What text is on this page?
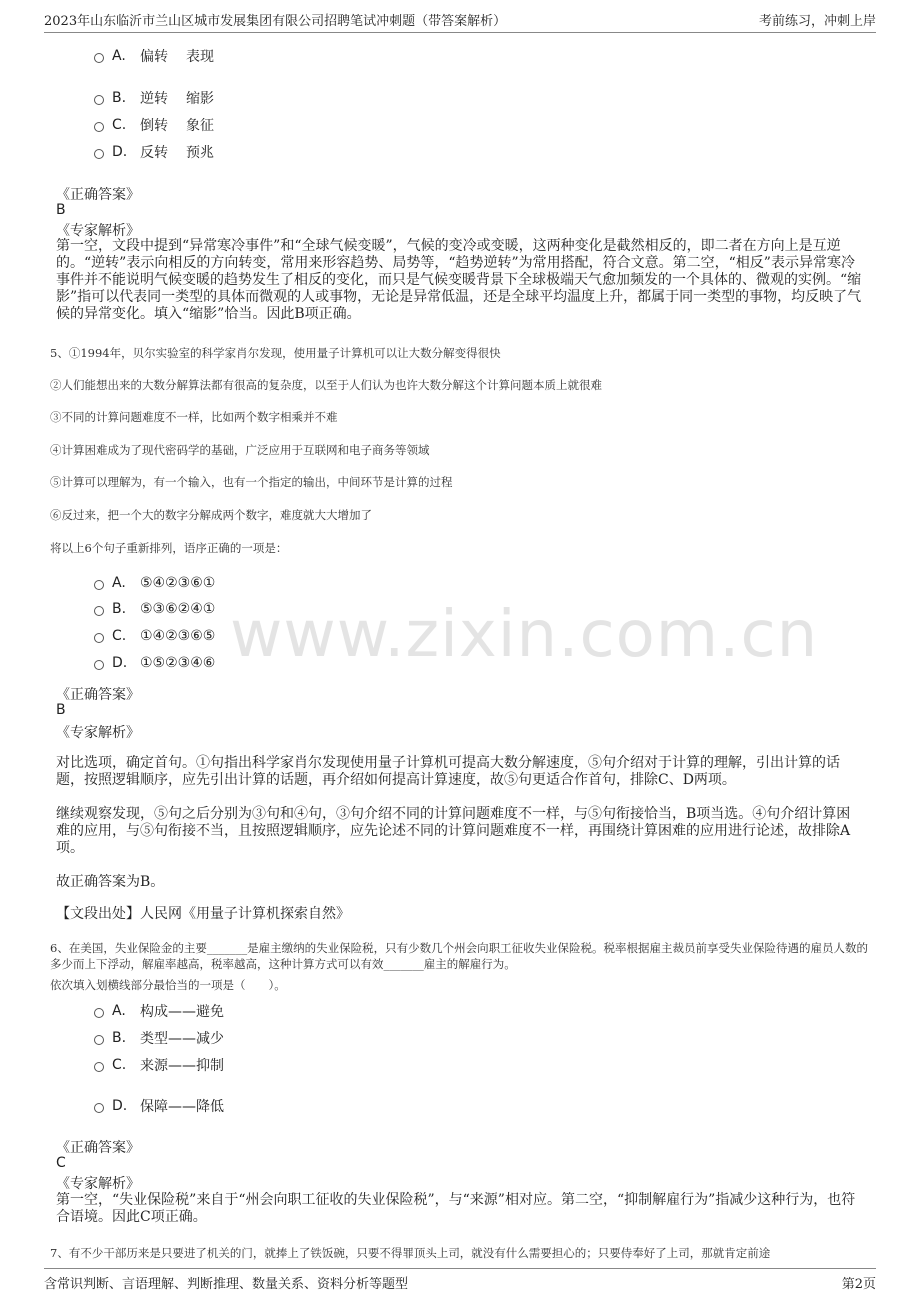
2023年山东临沂市兰山区城市发展集团有限公司招聘笔试冲刺题（带答案解析）	考前练习，冲刺上岸
www.zixin.com.cn
A.	偏转 表现
B. 逆转 缩影
C. 倒转 象征
D. 反转 预兆
《正确答案》
B
《专家解析》

第一空，文段中提到“异常寒冷事件”和“全球气候变暖”，气候的变冷或变暖，这两种变化是截然相反的，即二者在方向上是互逆的。“逆转”表示向相反的方向转变，常用来形容趋势、局势等，“趋势逆转”为常用搭配，符合文意。第二空，“相反”表示异常寒冷事件并不能说明气候变暖的趋势发生了相反的变化，而只是气候变暖背景下全球极端天气愈加频发的一个具体的、微观的实例。“缩影”指可以代表同一类型的具体而微观的人或事物，无论是异常低温，还是全球平均温度上升，都属于同一类型的事物，均反映了气候的异常变化。填入“缩影”恰当。因此B项正确。

5、①1994年，贝尔实验室的科学家肖尔发现，使用量子计算机可以让大数分解变得很快

②人们能想出来的大数分解算法都有很高的复杂度，以至于人们认为也许大数分解这个计算问题本质上就很难

③不同的计算问题难度不一样，比如两个数字相乘并不难

④计算困难成为了现代密码学的基础，广泛应用于互联网和电子商务等领域

⑤计算可以理解为，有一个输入，也有一个指定的输出，中间环节是计算的过程

⑥反过来，把一个大的数字分解成两个数字，难度就大大增加了

将以上6个句子重新排列，语序正确的一项是：

A.	⑤④②③⑥①
B. ⑤③⑥②④①
C. ①④②③⑥⑤
D. ①⑤②③④⑥
《正确答案》
B
《专家解析》

对比选项，确定首句。①句指出科学家肖尔发现使用量子计算机可提高大数分解速度，⑤句介绍对于计算的理解，引出计算的话题，按照逻辑顺序，应先引出计算的话题，再介绍如何提高计算速度，故⑤句更适合作首句，排除C、D两项。

继续观察发现，⑤句之后分别为③句和④句，③句介绍不同的计算问题难度不一样，与⑤句衔接恰当，B项当选。④句介绍计算困难的应用，与⑤句衔接不当，且按照逻辑顺序，应先论述不同的计算问题难度不一样，再围绕计算困难的应用进行论述，故排除A项。

故正确答案为B。

【文段出处】人民网《用量子计算机探索自然》

6、在美国，失业保险金的主要_______是雇主缴纳的失业保险税，只有少数几个州会向职工征收失业保险税。税率根据雇主裁员前享受失业保险待遇的雇员人数的多少而上下浮动，解雇率越高，税率越高，这种计算方式可以有效_______雇主的解雇行为。

依次填入划横线部分最恰当的一项是（　　）。

A.	构成——避免
B. 类型——减少
C. 来源——抑制
D. 保障——降低
《正确答案》
C
《专家解析》

第一空，“失业保险税”来自于“州会向职工征收的失业保险税”，与“来源”相对应。第二空，“抑制解雇行为”指减少这种行为，也符合语境。因此C项正确。

7、有不少干部历来是只要进了机关的门，就捧上了铁饭碗，只要不得罪顶头上司，就没有什么需要担心的；只要侍奉好了上司，那就肯定前途

含常识判断、言语理解、判断推理、数量关系、资料分析等题型	第2页
